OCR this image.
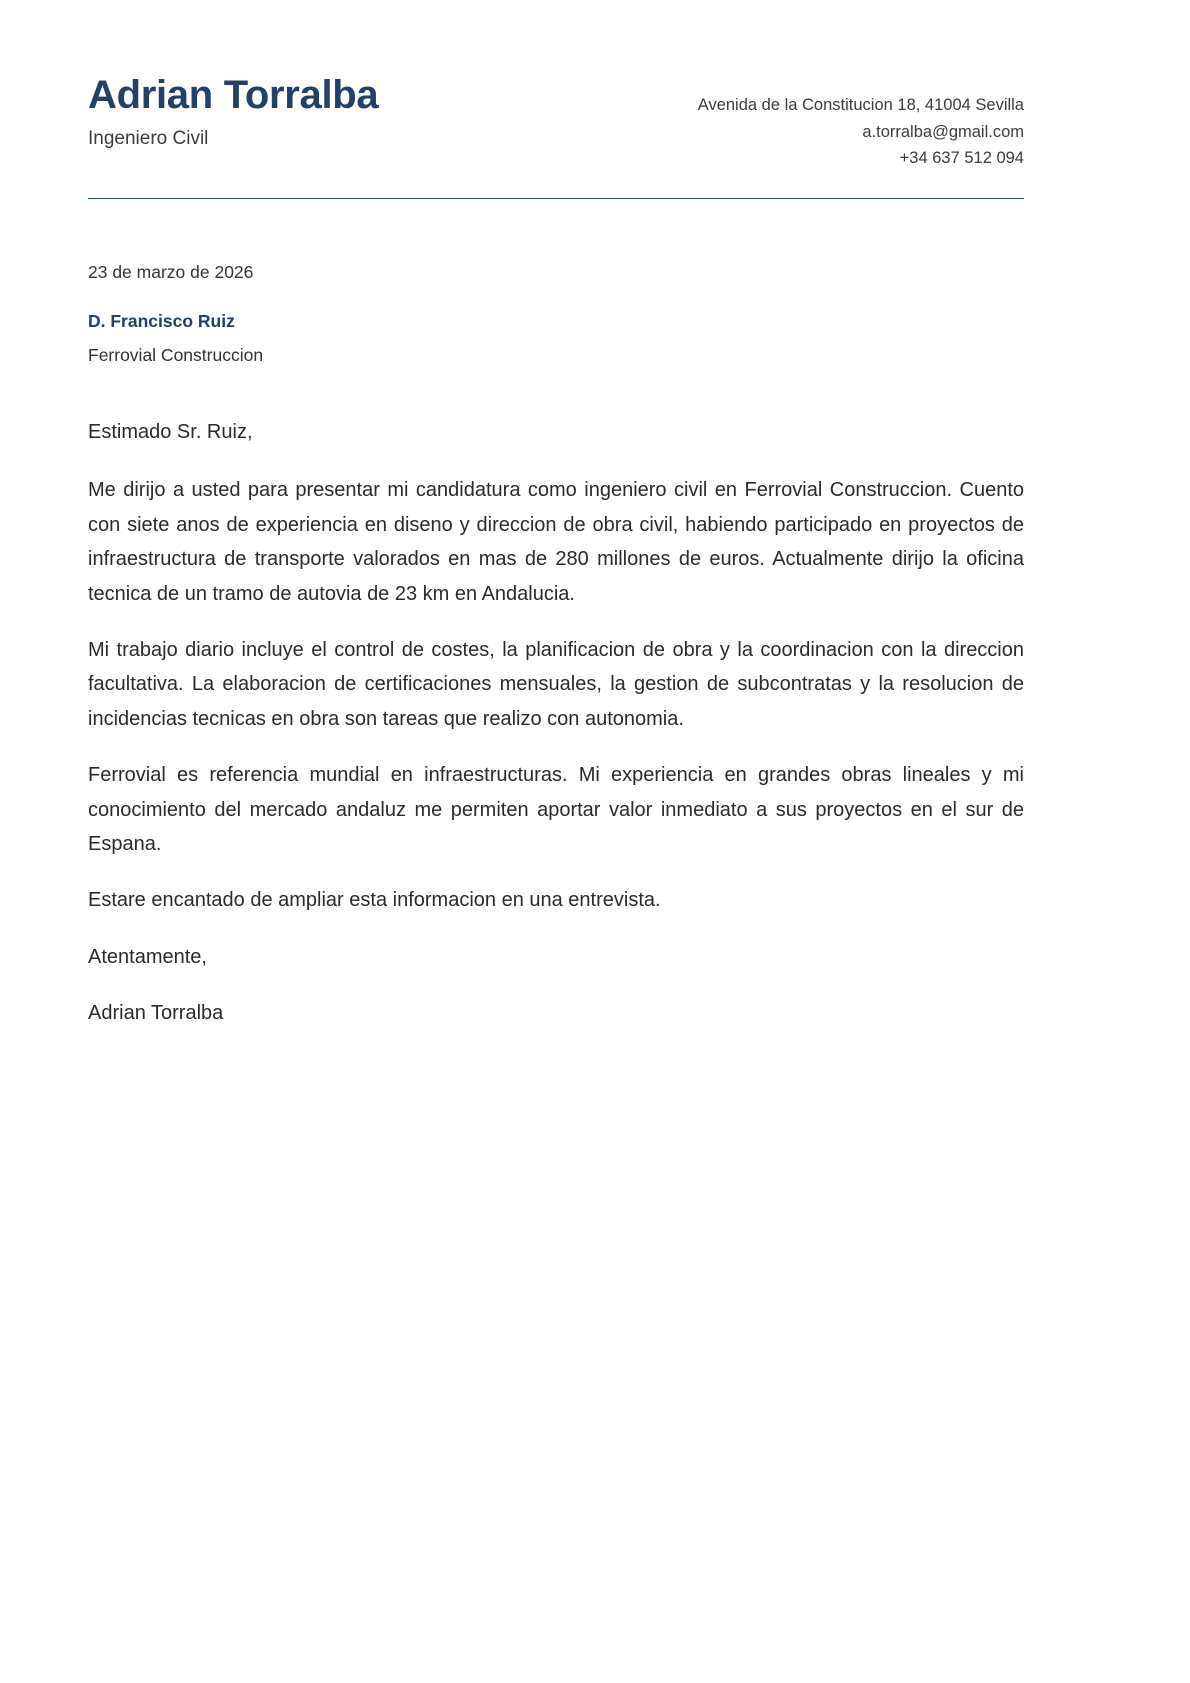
Adrian Torralba
Ingeniero Civil
Avenida de la Constitucion 18, 41004 Sevilla
a.torralba@gmail.com
+34 637 512 094
23 de marzo de 2026
D. Francisco Ruiz
Ferrovial Construccion
Estimado Sr. Ruiz,

Me dirijo a usted para presentar mi candidatura como ingeniero civil en Ferrovial Construccion. Cuento con siete anos de experiencia en diseno y direccion de obra civil, habiendo participado en proyectos de infraestructura de transporte valorados en mas de 280 millones de euros. Actualmente dirijo la oficina tecnica de un tramo de autovia de 23 km en Andalucia.

Mi trabajo diario incluye el control de costes, la planificacion de obra y la coordinacion con la direccion facultativa. La elaboracion de certificaciones mensuales, la gestion de subcontratas y la resolucion de incidencias tecnicas en obra son tareas que realizo con autonomia.

Ferrovial es referencia mundial en infraestructuras. Mi experiencia en grandes obras lineales y mi conocimiento del mercado andaluz me permiten aportar valor inmediato a sus proyectos en el sur de Espana.

Estare encantado de ampliar esta informacion en una entrevista.

Atentamente,

Adrian Torralba
